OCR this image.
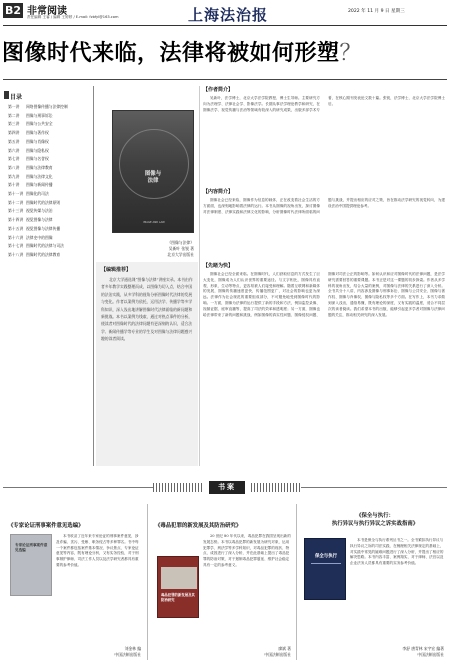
B2 非常阅读
责任编辑 王睿 / 编辑 王婷婷 / E-mail: fzbfyl@163.com	上海法治报	2022 年 11 月 9 日 星期三
图像时代来临，法律将被如何形塑？
目录
第一讲 网络图像传播与法律控制
第二讲 图像与刑事诉讼
第三讲 图像与公共安全
第四讲 图像与著作权
第五讲 图像与肖像权
第六讲 图像与隐私权
第七讲 图像与名誉权
第八讲 图像与法律教育
第九讲 图像与法律文化
第十讲 图像与新闻传播
第十一讲 图像化的司法
第十二讲 图像时代的法律原则
第十三讲 视觉传媒与法治
第十四讲 视觉图像与法律
第十五讲 视觉图像与法律传播
第十六讲 法律史中的图像
第十七讲 图像时代的法律与司法
第十八讲 图像时代的法律教育
图像与法律
IMAGE AND LAW
《图像与法律》
吴新叶 张锐 著
北京大学出版社
【编辑推荐】
北京大学通选课“图像与法律”讲座实录。本书由作者多年教学实践整理而成，以图像为切入点，结合中国的法治实践，从多学科的视角分析图像时代法律的发展与变化。作者以案例为依托，运用法学、传播学等多学科知识，深入浅出地讲解图像时代法律面临的新问题和新挑战。本书以案例为线索，通过对热点事件的分析，使读者对图像时代的法律问题有更深刻的认识，适合法学、新闻传播学等专业的学生及对图像与法律问题感兴趣的读者阅读。
【作者简介】
吴新叶，法学博士，北京大学法学院教授、博士生导师。主要研究方向为法理学、法律社会学、影像法学。长期从事法学理论教学和研究，在图像法学、视觉传播与法治等领域有较深入的研究成果，出版多部学术专著，在核心期刊发表论文数十篇。张锐，法学博士，北京大学法学院博士后。
【内容简介】
图像社会已经来临，图像作为信息的载体，正在改变着社会生活的方方面面，也深刻地影响着法律的运行。本书从图像的视角出发，探讨图像对法律制度、法律实践和法律文化的影响，分析图像时代法律所面临的问题与挑战，并提出相应的应对之策，旨在推动法学研究的视觉转向，为建设法治中国提供理论参考。
【先睹为快】
图像社会已经全面来临。在图像时代，人们获取信息的方式发生了巨大变化，图像成为人们认识世界的重要途径。与文字相比，图像具有直观、形象、生动等特点，更容易被人们接受和理解。随着互联网和新媒体的发展，图像的传播速度更快，传播范围更广，对社会的影响也更为深远。法律作为社会规范的重要组成部分，不可避免地受到图像时代的影响。一方面，图像为法律的运行提供了新的手段和方法，例如监控录像、视频证据、庭审直播等，提高了司法的效率和透明度；另一方面，图像也给法律带来了新的问题和挑战，例如图像的真实性问题、图像侵权问题、图像对司法公正的影响等。如何认识和应对图像时代的法律问题，是法学研究需要回答的重要课题。本书正是对这一课题的初步探索。作者从多学科的视角出发，结合大量的案例，对图像与法律的关系进行了深入分析。全书共分十八讲，内容涉及图像与刑事诉讼、图像与公共安全、图像与著作权、图像与肖像权、图像与隐私权等多个方面。在写作上，本书力求做到深入浅出，通俗易懂，既有理论的深度，又有实践的温度，适合不同层次的读者阅读。我们希望本书的出版，能够引起更多学者对图像与法律问题的关注，推动相关研究的深入发展。
书案
《专家论证刑事案件意见选编》
专家论证刑事案件意见选编
本书收录了近年来专家论证的刑事案件意见，涉及诈骗、贪污、受贿、职务侵占等多种罪名。书中每一个案件都包括案件基本情况、争议焦点、专家论证意见等内容，既有理论分析，又有实务经验，对于刑事辩护律师、司法工作人员以及法学研究者都具有重要的参考价值。
刘金林 编
中国法制出版社
《毒品犯罪的新发展及其防治研究》
毒品犯罪的新发展及其防治研究
20 世纪 80 年代以来，毒品犯罪在我国呈现出新的发展态势。本书以毒品犯罪的新发展为研究对象，运用犯罪学、刑法学等多学科知识，对毒品犯罪的现状、特点、成因进行了深入分析，并在此基础上提出了毒品犯罪的防治对策，对于遏制毒品犯罪蔓延、维护社会稳定具有一定的参考意义。
廖斌 著
中国法制出版社
《保全与执行：
执行异议与执行异议之诉实战指南》
保全与执行
本书是保全与执行系列丛书之一。全书紧扣执行异议与执行异议之诉的司法实践，在梳理相关法律规定的基础上，对实践中常见的疑难问题进行了深入分析，并提出了相应的解决思路。本书内容丰富、案例翔实，对于律师、法官以及企业法务人员都具有重要的实务参考价值。
李舒 唐青林 宋宇宏 编著
中国法制出版社
